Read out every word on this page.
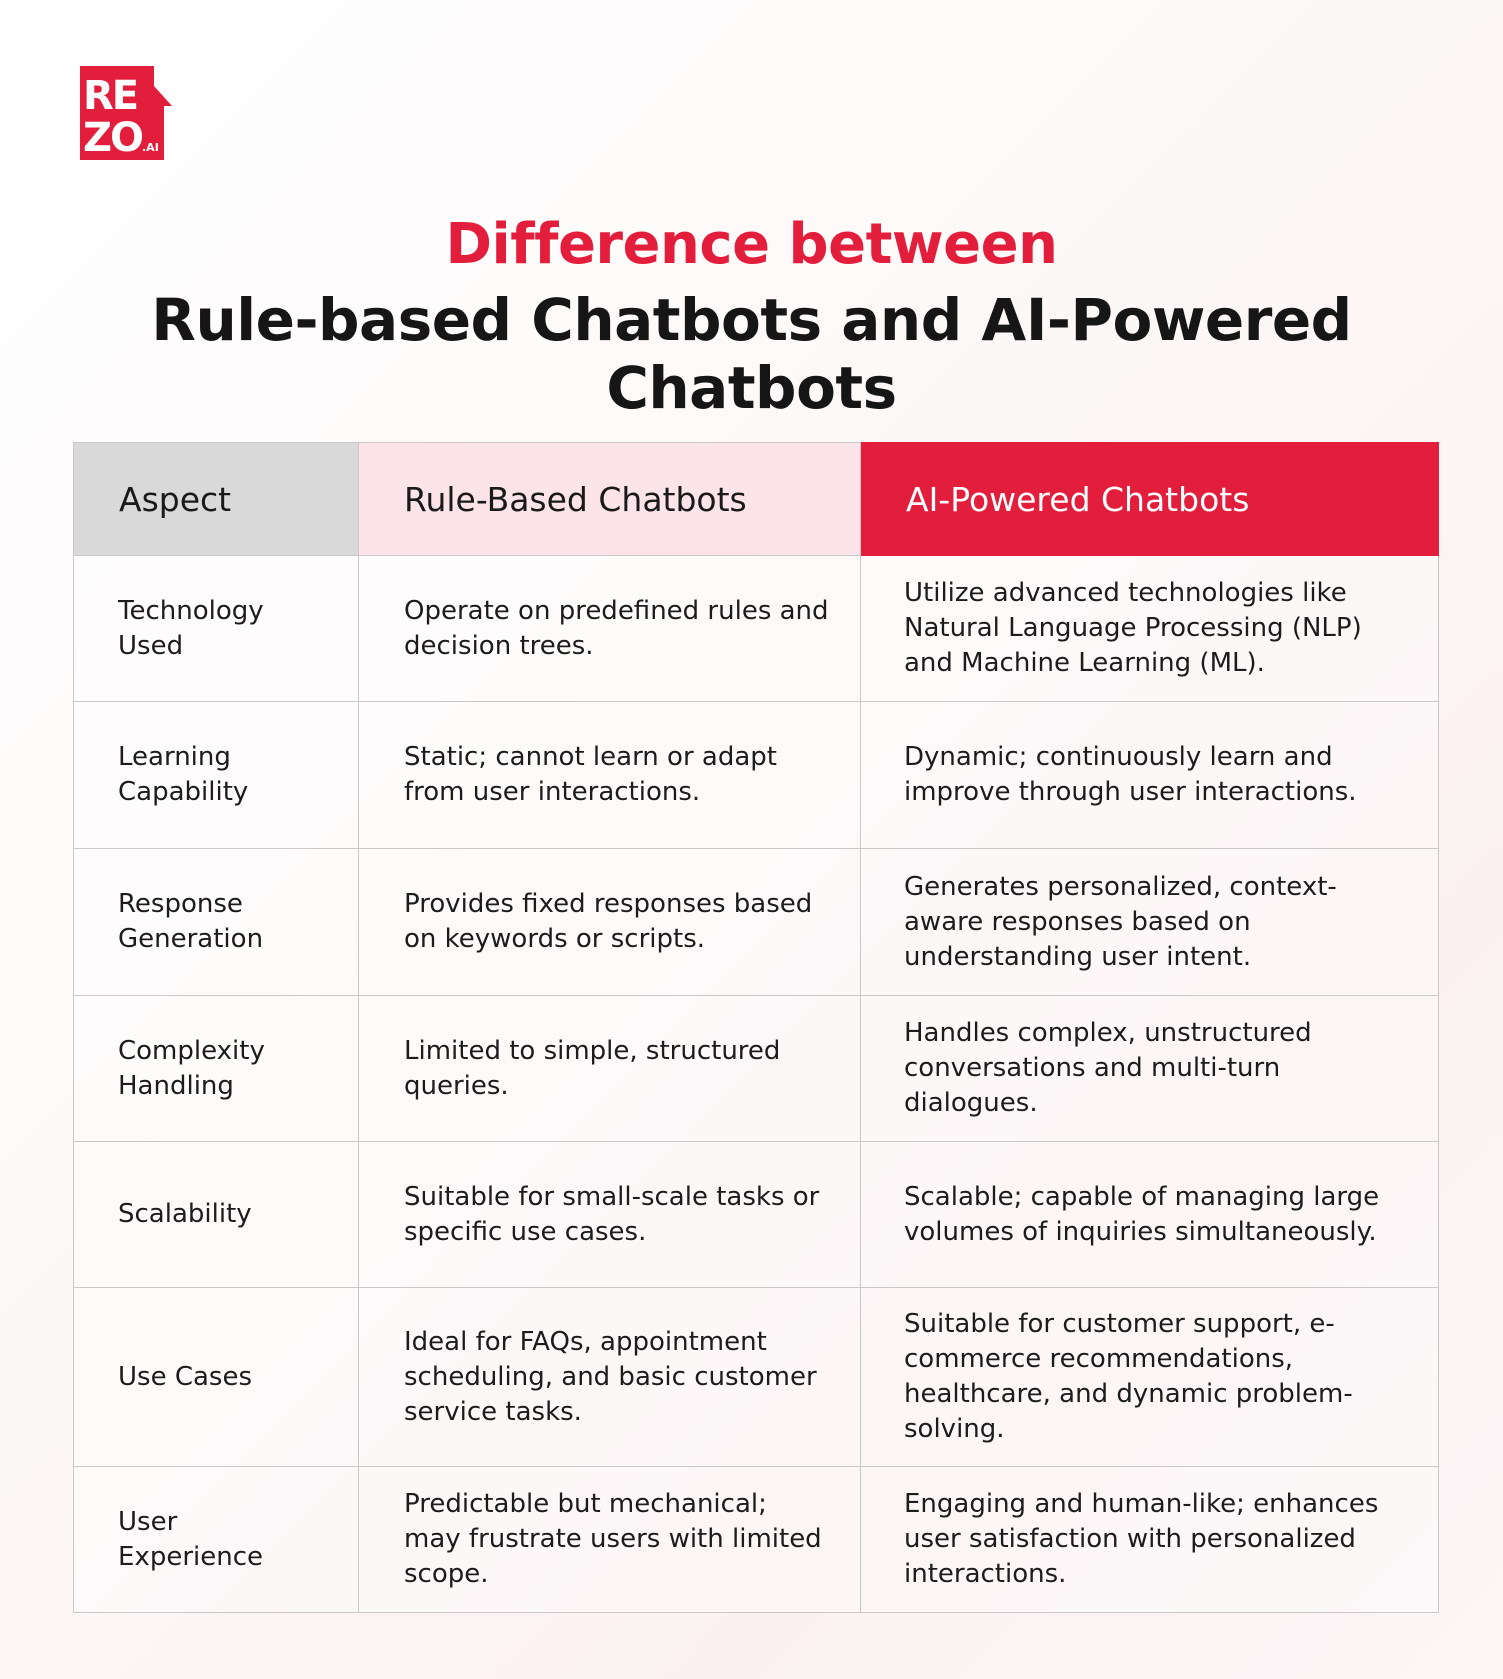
RE
ZO .AI
Difference between
Rule-based Chatbots and AI-Powered Chatbots
Aspect	Rule-Based Chatbots	AI-Powered Chatbots
Technology Used	Operate on predefined rules and decision trees.	Utilize advanced technologies like Natural Language Processing (NLP) and Machine Learning (ML).
Learning Capability	Static; cannot learn or adapt from user interactions.	Dynamic; continuously learn and improve through user interactions.
Response Generation	Provides fixed responses based on keywords or scripts.	Generates personalized, context-aware responses based on understanding user intent.
Complexity Handling	Limited to simple, structured queries.	Handles complex, unstructured conversations and multi-turn dialogues.
Scalability	Suitable for small-scale tasks or specific use cases.	Scalable; capable of managing large volumes of inquiries simultaneously.
Use Cases	Ideal for FAQs, appointment scheduling, and basic customer service tasks.	Suitable for customer support, e-commerce recommendations, healthcare, and dynamic problem-solving.
User Experience	Predictable but mechanical; may frustrate users with limited scope.	Engaging and human-like; enhances user satisfaction with personalized interactions.
